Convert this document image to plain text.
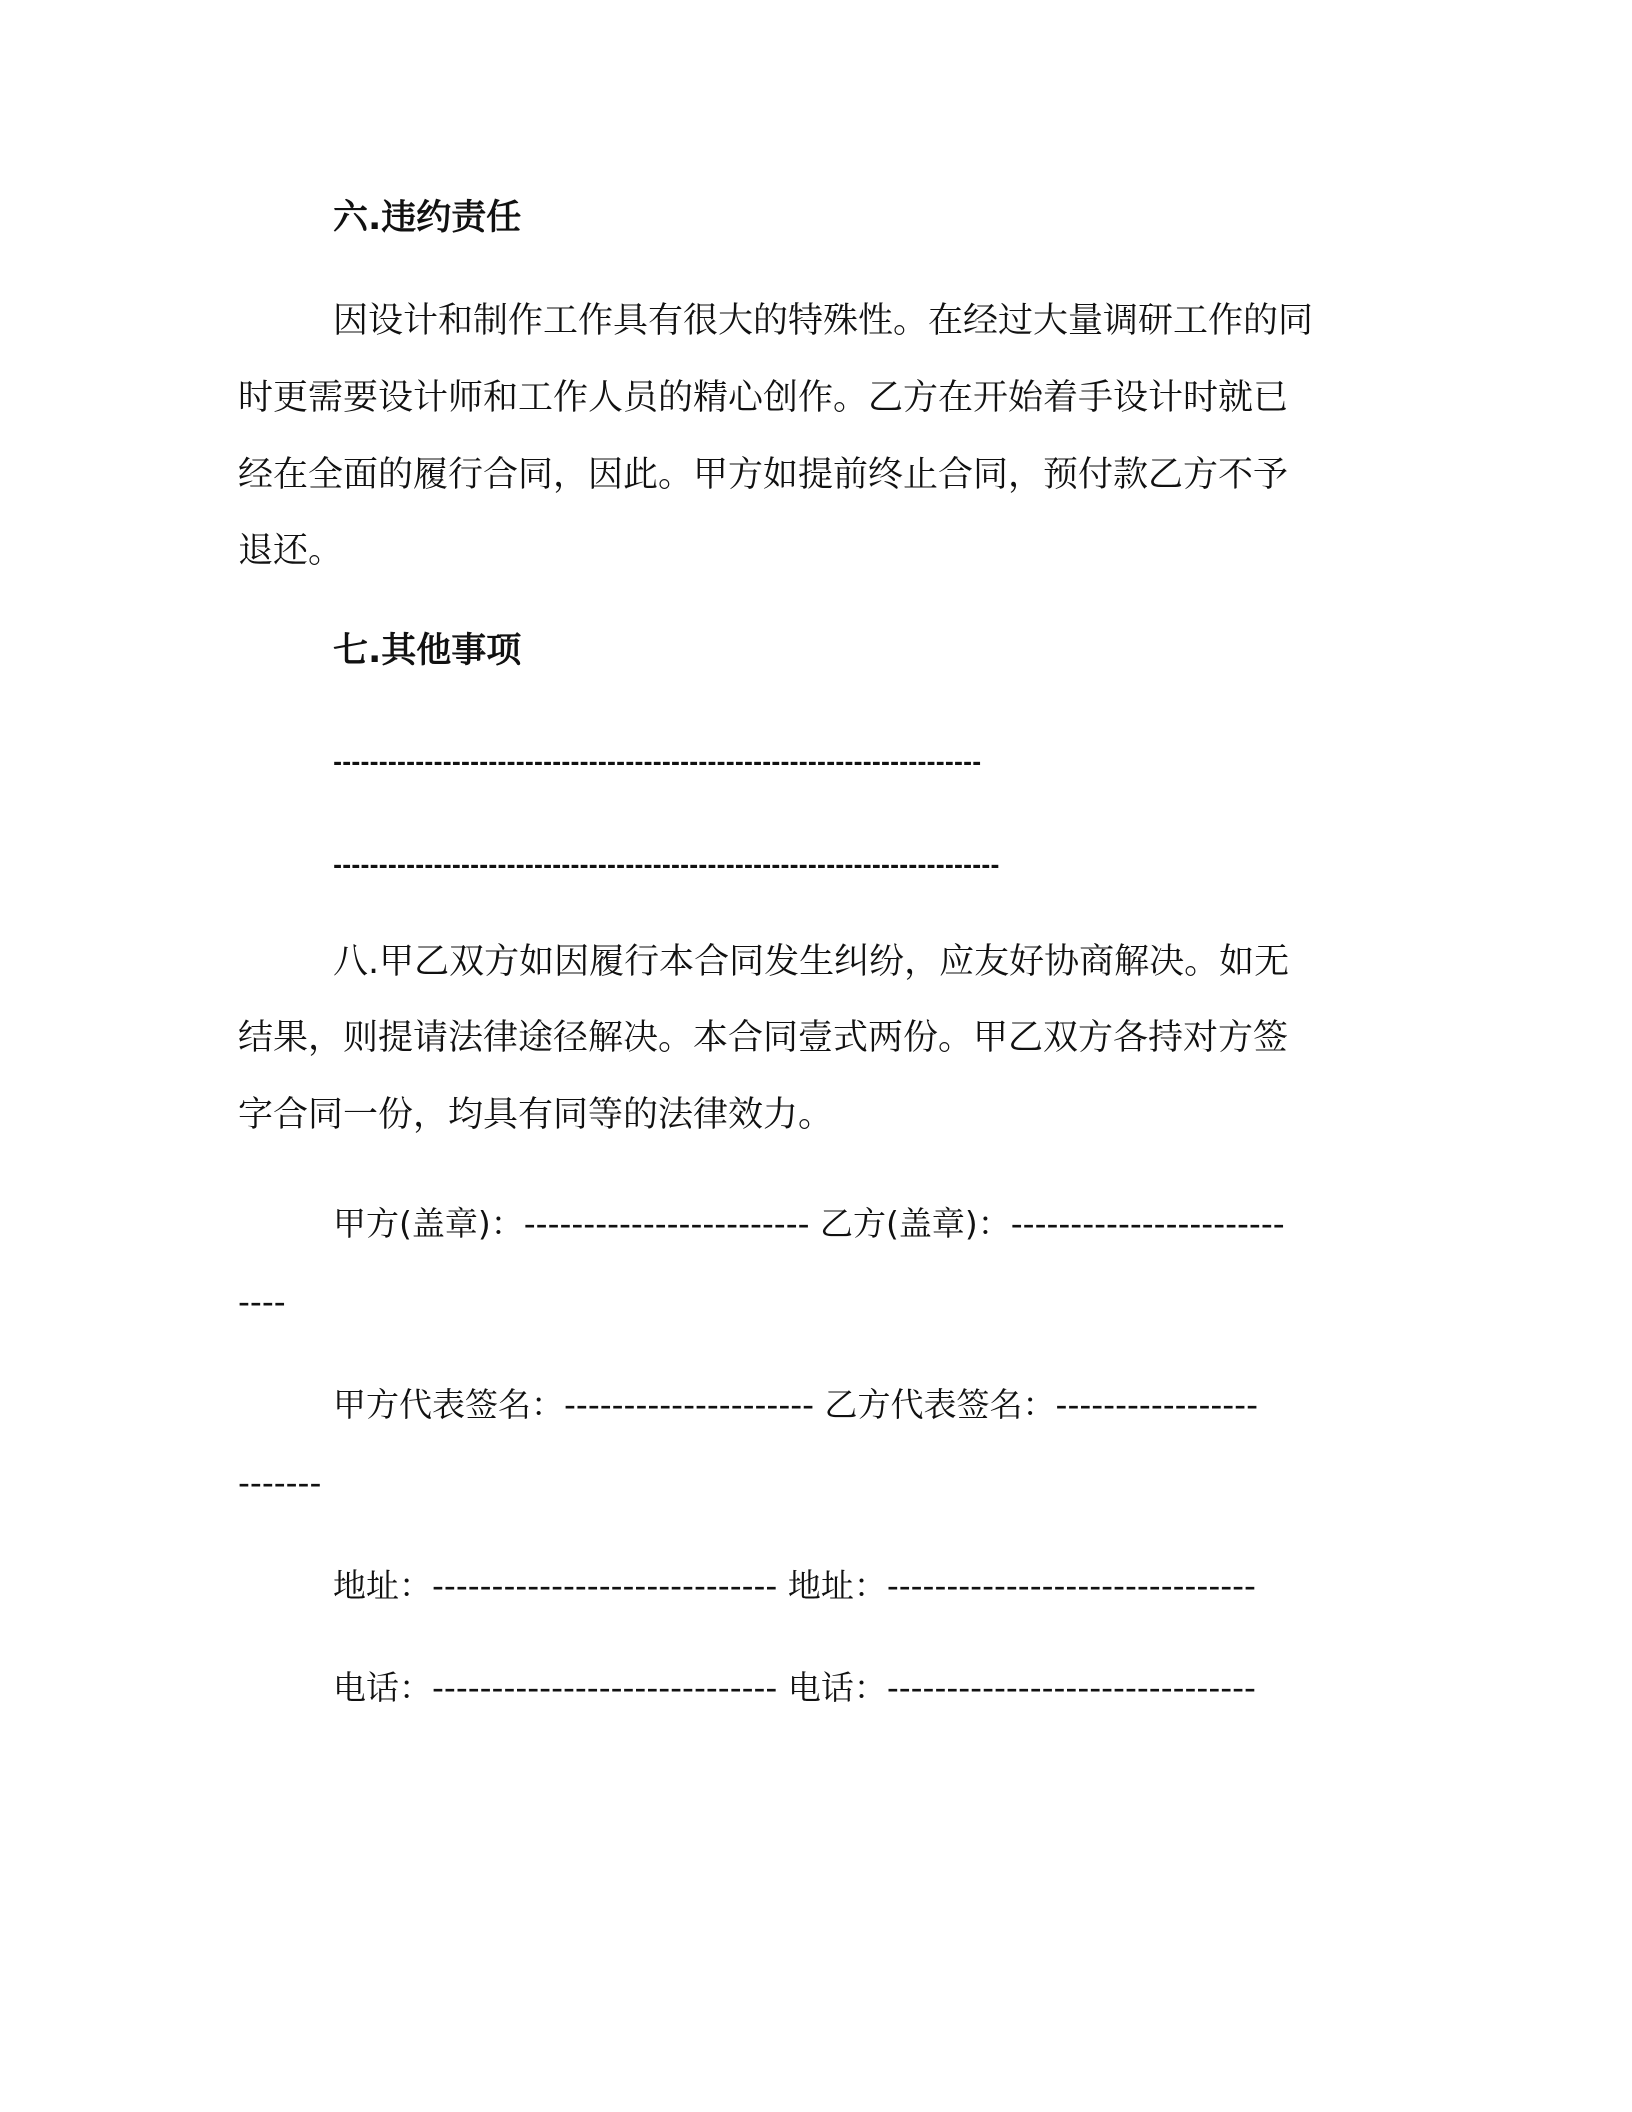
六.违约责任
因设计和制作工作具有很大的特殊性。在经过大量调研工作的同
时更需要设计师和工作人员的精心创作。乙方在开始着手设计时就已
经在全面的履行合同，因此。甲方如提前终止合同，预付款乙方不予
退还。
七.其他事项
-----------------------------------------------------------------------
-------------------------------------------------------------------------
八.甲乙双方如因履行本合同发生纠纷，应友好协商解决。如无
结果，则提请法律途径解决。本合同壹式两份。甲乙双方各持对方签
字合同一份，均具有同等的法律效力。
甲方(盖章)：------------------------ 乙方(盖章)：-----------------------
----
甲方代表签名：--------------------- 乙方代表签名：-----------------
-------
地址：----------------------------- 地址：-------------------------------
电话：----------------------------- 电话：-------------------------------
